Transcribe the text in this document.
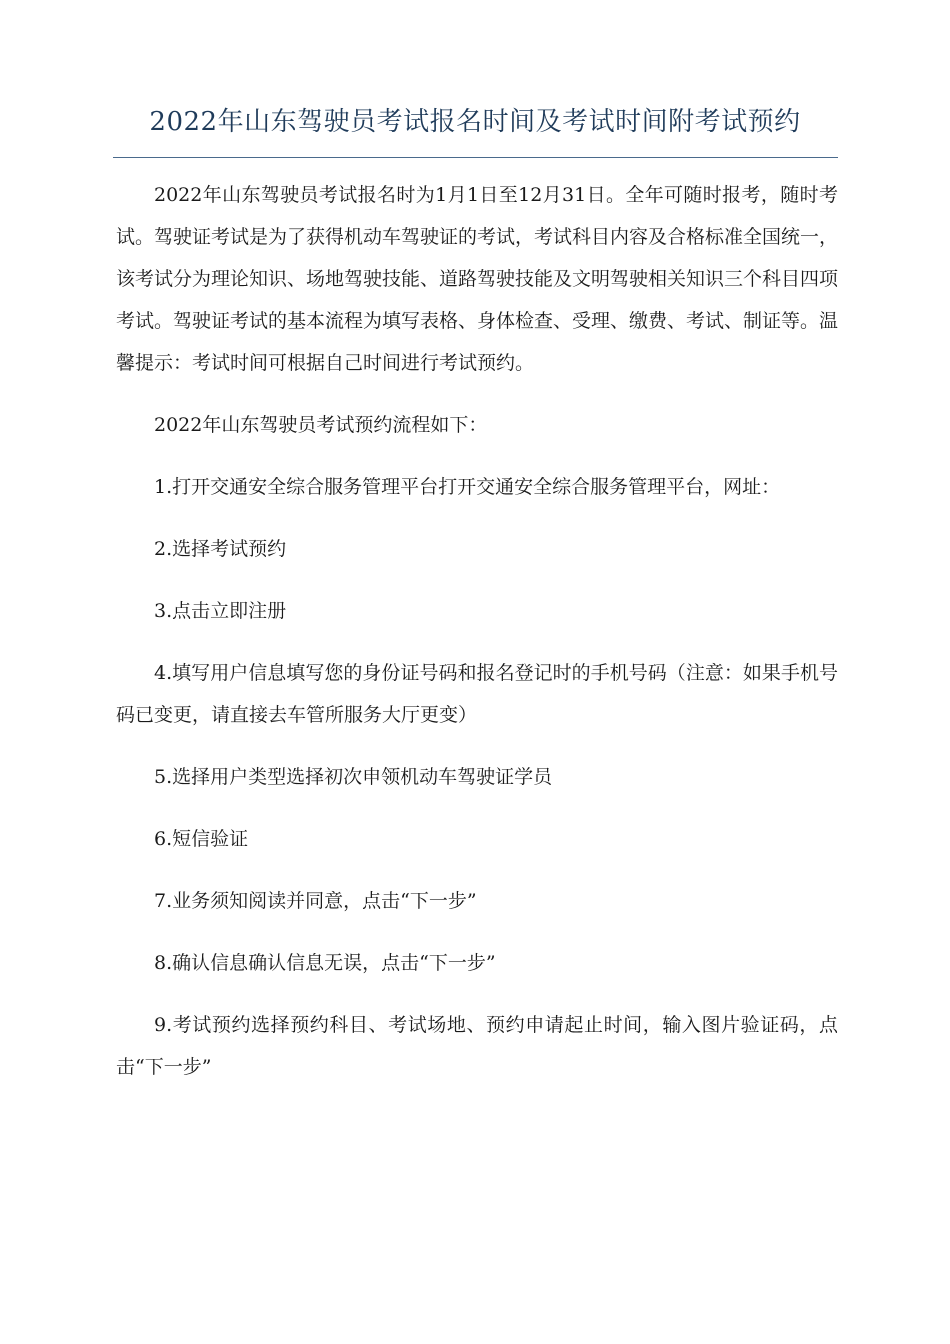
2022年山东驾驶员考试报名时间及考试时间附考试预约

2022年山东驾驶员考试报名时为1月1日至12月31日。全年可随时报考，随时考试。驾驶证考试是为了获得机动车驾驶证的考试，考试科目内容及合格标准全国统一，该考试分为理论知识、场地驾驶技能、道路驾驶技能及文明驾驶相关知识三个科目四项考试。驾驶证考试的基本流程为填写表格、身体检查、受理、缴费、考试、制证等。温馨提示：考试时间可根据自己时间进行考试预约。

2022年山东驾驶员考试预约流程如下：

1.打开交通安全综合服务管理平台打开交通安全综合服务管理平台，网址：

2.选择考试预约

3.点击立即注册

4.填写用户信息填写您的身份证号码和报名登记时的手机号码（注意：如果手机号码已变更，请直接去车管所服务大厅更变）

5.选择用户类型选择初次申领机动车驾驶证学员

6.短信验证

7.业务须知阅读并同意，点击“下一步”

8.确认信息确认信息无误，点击“下一步”

9.考试预约选择预约科目、考试场地、预约申请起止时间，输入图片验证码，点击“下一步”
